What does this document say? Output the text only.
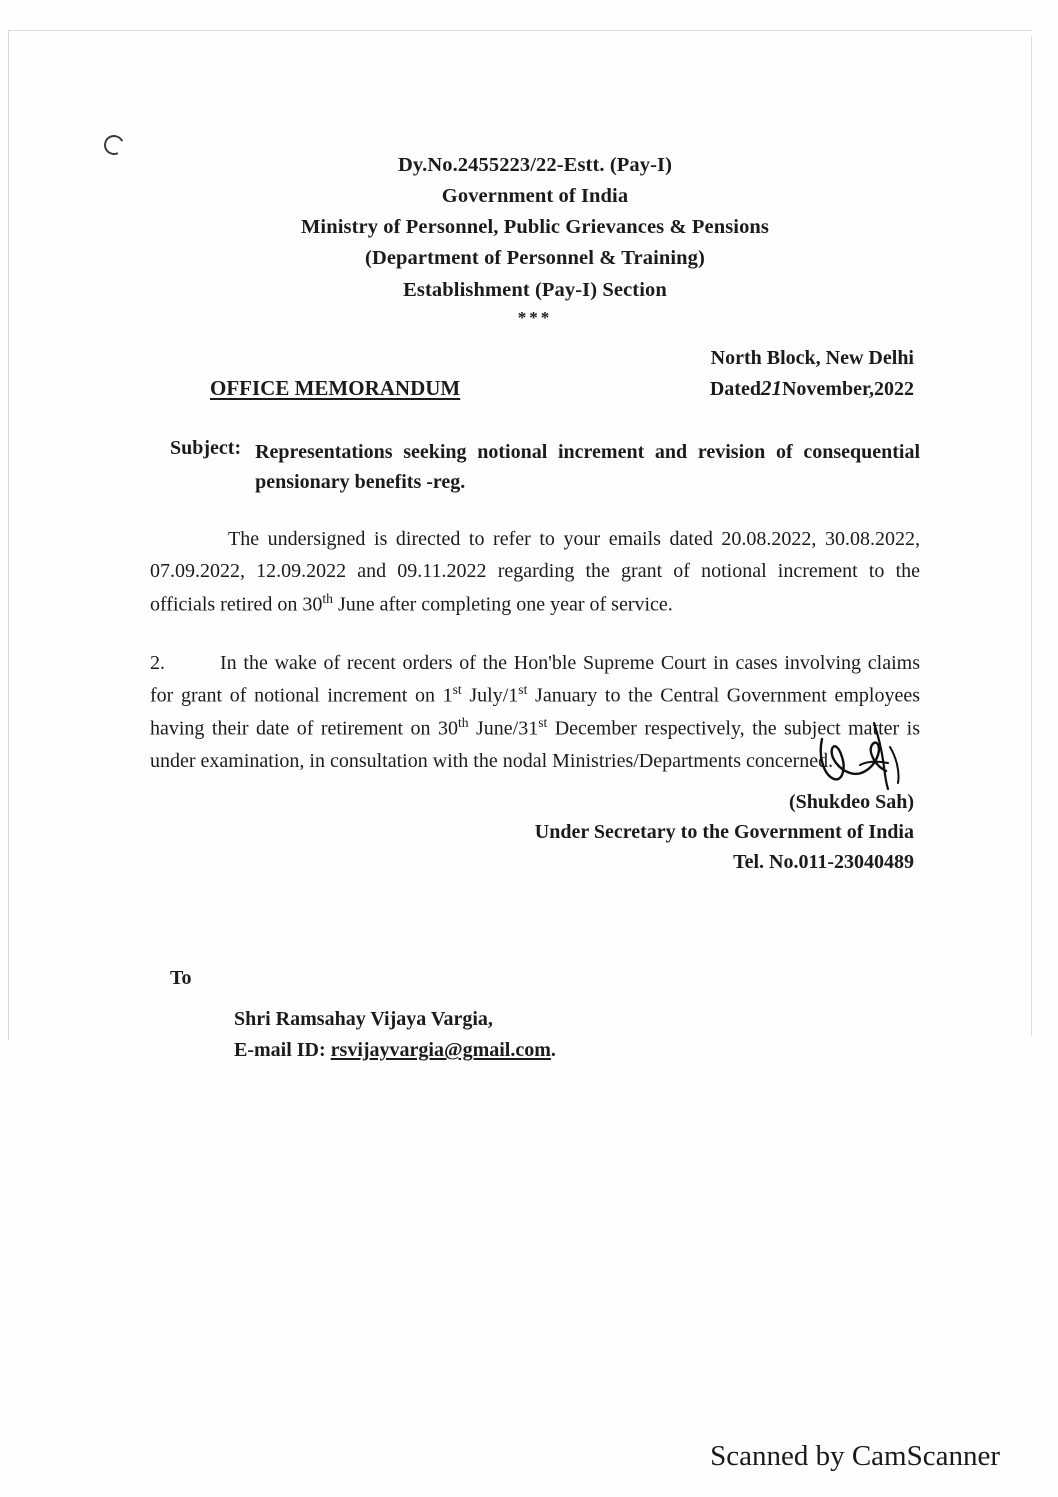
Dy.No.2455223/22-Estt. (Pay-I)
Government of India
Ministry of Personnel, Public Grievances & Pensions
(Department of Personnel & Training)
Establishment (Pay-I) Section
***
North Block, New Delhi
Dated21November,2022
OFFICE MEMORANDUM
Subject: Representations seeking notional increment and revision of consequential pensionary benefits -reg.

The undersigned is directed to refer to your emails dated 20.08.2022, 30.08.2022, 07.09.2022, 12.09.2022 and 09.11.2022 regarding the grant of notional increment to the officials retired on 30th June after completing one year of service.

2.	In the wake of recent orders of the Hon'ble Supreme Court in cases involving claims for grant of notional increment on 1st July/1st January to the Central Government employees having their date of retirement on 30th June/31st December respectively, the subject matter is under examination, in consultation with the nodal Ministries/Departments concerned.

(Shukdeo Sah)
Under Secretary to the Government of India
Tel. No.011-23040489
To
Shri Ramsahay Vijaya Vargia,
E-mail ID: rsvijayvargia@gmail.com.
Scanned by CamScanner
